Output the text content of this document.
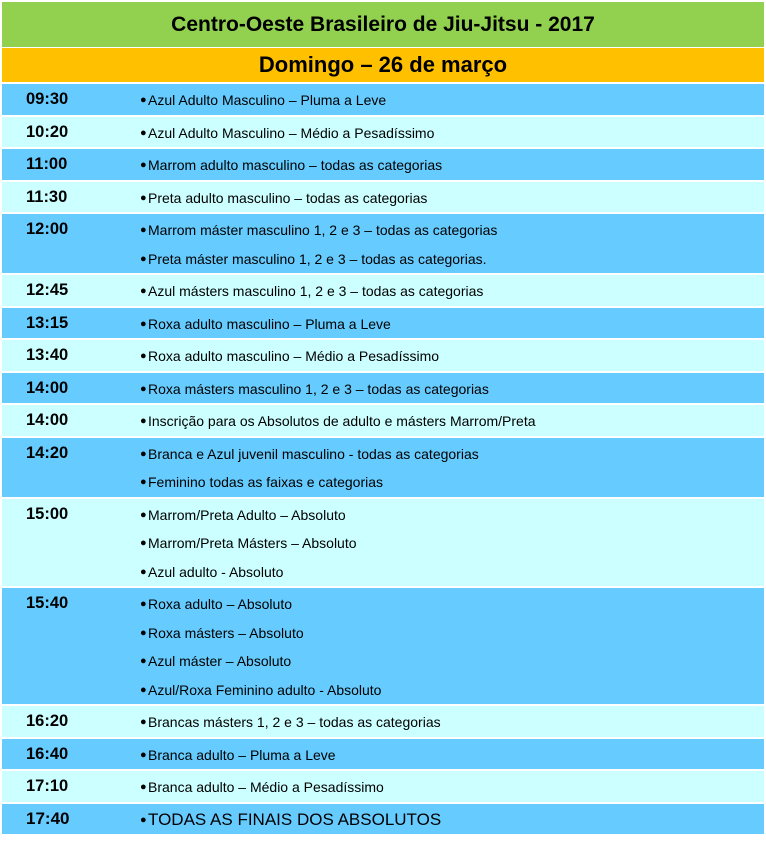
Centro-Oeste Brasileiro de Jiu-Jitsu - 2017
Domingo – 26 de março
09:30	● Azul Adulto Masculino – Pluma a Leve
10:20	● Azul Adulto Masculino – Médio a Pesadíssimo
11:00	● Marrom adulto masculino – todas as categorias
11:30	● Preta adulto masculino – todas as categorias
12:00	● Marrom máster masculino 1, 2 e 3 – todas as categorias
● Preta máster masculino 1, 2 e 3 – todas as categorias.
12:45	● Azul másters masculino 1, 2 e 3 – todas as categorias
13:15	● Roxa adulto masculino – Pluma a Leve
13:40	● Roxa adulto masculino – Médio a Pesadíssimo
14:00	● Roxa másters masculino 1, 2 e 3 – todas as categorias
14:00	● Inscrição para os Absolutos de adulto e másters Marrom/Preta
14:20	● Branca e Azul juvenil masculino - todas as categorias
● Feminino todas as faixas e categorias
15:00	● Marrom/Preta Adulto – Absoluto
● Marrom/Preta Másters – Absoluto
● Azul adulto - Absoluto
15:40	● Roxa adulto – Absoluto
● Roxa másters – Absoluto
● Azul máster – Absoluto
● Azul/Roxa Feminino adulto - Absoluto
16:20	● Brancas másters 1, 2 e 3 – todas as categorias
16:40	● Branca adulto – Pluma a Leve
17:10	● Branca adulto – Médio a Pesadíssimo
17:40	● TODAS AS FINAIS DOS ABSOLUTOS
